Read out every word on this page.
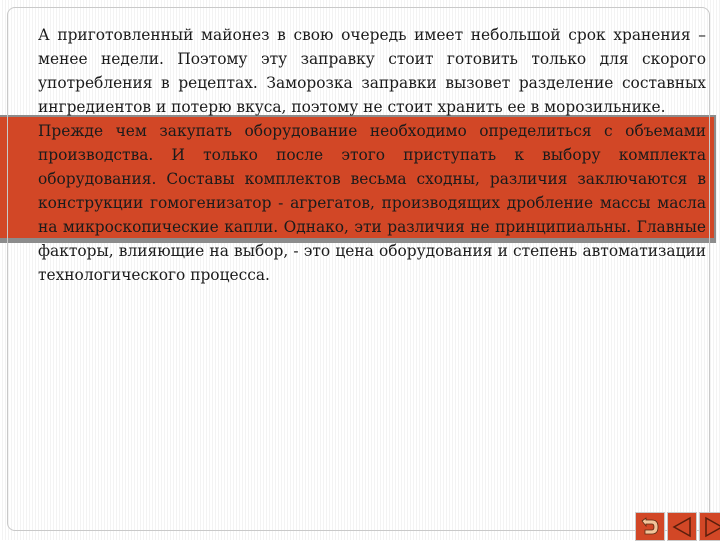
А приготовленный майонез в свою очередь имеет небольшой срок хранения – менее недели. Поэтому эту заправку стоит готовить только для скорого употребления в рецептах. Заморозка заправки вызовет разделение составных ингредиентов и потерю вкуса, поэтому не стоит хранить ее в морозильнике.

Прежде чем закупать оборудование необходимо определиться с объемами производства. И только после этого приступать к выбору комплекта оборудования. Составы комплектов весьма сходны, различия заключаются в конструкции гомогенизатор - агрегатов, производящих дробление массы масла на микроскопические капли. Однако, эти различия не принципиальны. Главные факторы, влияющие на выбор, - это цена оборудования и степень автоматизации технологического процесса.
